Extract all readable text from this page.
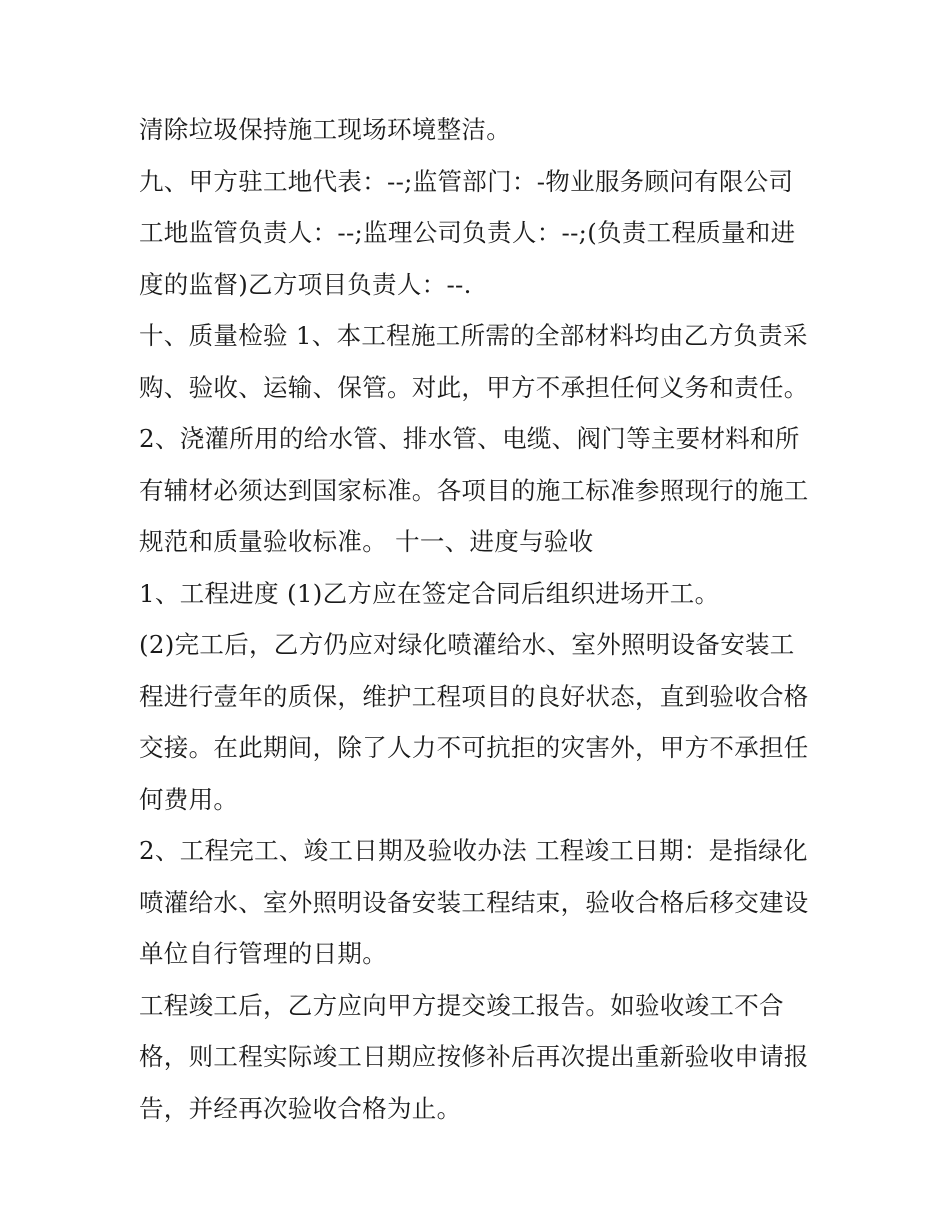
清除垃圾保持施工现场环境整洁。
九、甲方驻工地代表：--;监管部门：-物业服务顾问有限公司
工地监管负责人：--;监理公司负责人：--;(负责工程质量和进
度的监督)乙方项目负责人：--.
十、质量检验 1、本工程施工所需的全部材料均由乙方负责采
购、验收、运输、保管。对此，甲方不承担任何义务和责任。
2、浇灌所用的给水管、排水管、电缆、阀门等主要材料和所
有辅材必须达到国家标准。各项目的施工标准参照现行的施工
规范和质量验收标准。 十一、进度与验收
1、工程进度 (1)乙方应在签定合同后组织进场开工。
(2)完工后，乙方仍应对绿化喷灌给水、室外照明设备安装工
程进行壹年的质保，维护工程项目的良好状态，直到验收合格
交接。在此期间，除了人力不可抗拒的灾害外，甲方不承担任
何费用。
2、工程完工、竣工日期及验收办法 工程竣工日期：是指绿化
喷灌给水、室外照明设备安装工程结束，验收合格后移交建设
单位自行管理的日期。
工程竣工后，乙方应向甲方提交竣工报告。如验收竣工不合
格，则工程实际竣工日期应按修补后再次提出重新验收申请报
告，并经再次验收合格为止。
